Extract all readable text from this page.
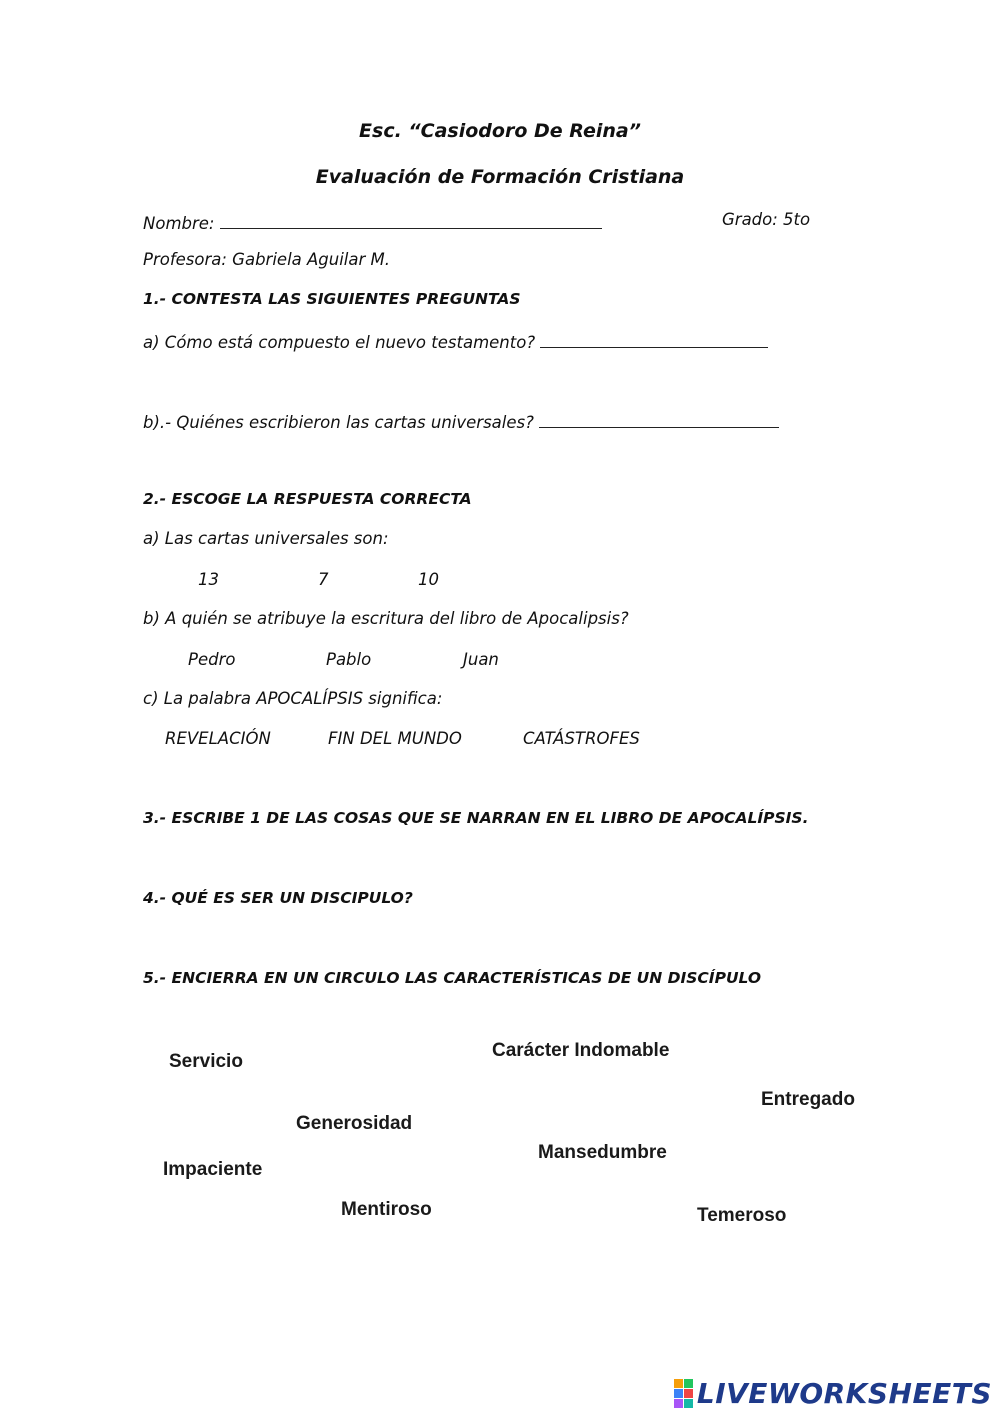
Esc. “Casiodoro De Reina”
Evaluación de Formación Cristiana
Nombre:	Grado: 5to
Profesora: Gabriela Aguilar M.
1.- CONTESTA LAS SIGUIENTES PREGUNTAS
a) Cómo está compuesto el nuevo testamento?
b).- Quiénes escribieron las cartas universales?
2.- ESCOGE LA RESPUESTA CORRECTA
a) Las cartas universales son:
13	7	10
b) A quién se atribuye la escritura del libro de Apocalipsis?
Pedro	Pablo	Juan
c) La palabra APOCALÍPSIS significa:
REVELACIÓN	FIN DEL MUNDO	CATÁSTROFES
3.- ESCRIBE 1 DE LAS COSAS QUE SE NARRAN EN EL LIBRO DE APOCALÍPSIS.
4.- QUÉ ES SER UN DISCIPULO?
5.- ENCIERRA EN UN CIRCULO LAS CARACTERÍSTICAS DE UN DISCÍPULO
Servicio
Carácter Indomable
Entregado
Generosidad
Mansedumbre
Impaciente
Mentiroso	Temeroso
LIVEWORKSHEETS
